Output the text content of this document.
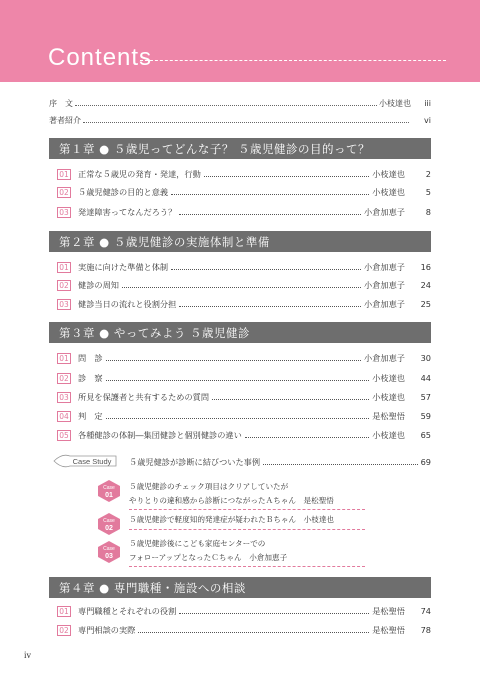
Contents
序　文	小枝達也	iii
著者紹介	vi
第１章 ● ５歳児ってどんな子？ ５歳児健診の目的って？
01 正常な５歳児の発育・発達，行動	小枝達也	2
02 ５歳児健診の目的と意義	小枝達也	5
03 発達障害ってなんだろう？	小倉加恵子	8
第２章 ● ５歳児健診の実施体制と準備
01 実施に向けた準備と体制	小倉加恵子	16
02 健診の周知	小倉加恵子	24
03 健診当日の流れと役割分担	小倉加恵子	25
第３章 ● やってみよう ５歳児健診
01 問　診	小倉加恵子	30
02 診　察	小枝達也	44
03 所見を保護者と共有するための質問	小枝達也	57
04 判　定	是松聖悟	59
05 各種健診の体制―集団健診と個別健診の違い	小枝達也	65
Case Study ５歳児健診が診断に結びついた事例	69
Case
01
５歳児健診のチェック項目はクリアしていたが
やりとりの違和感から診断につながったＡちゃん　是松聖悟
Case
02
５歳児健診で軽度知的発達症が疑われたＢちゃん　小枝達也
Case
03
５歳児健診後にこども家庭センターでの
フォローアップとなったＣちゃん　小倉加恵子
第４章 ● 専門職種・施設への相談
01 専門職種とそれぞれの役割	是松聖悟	74
02 専門相談の実際	是松聖悟	78
iv
